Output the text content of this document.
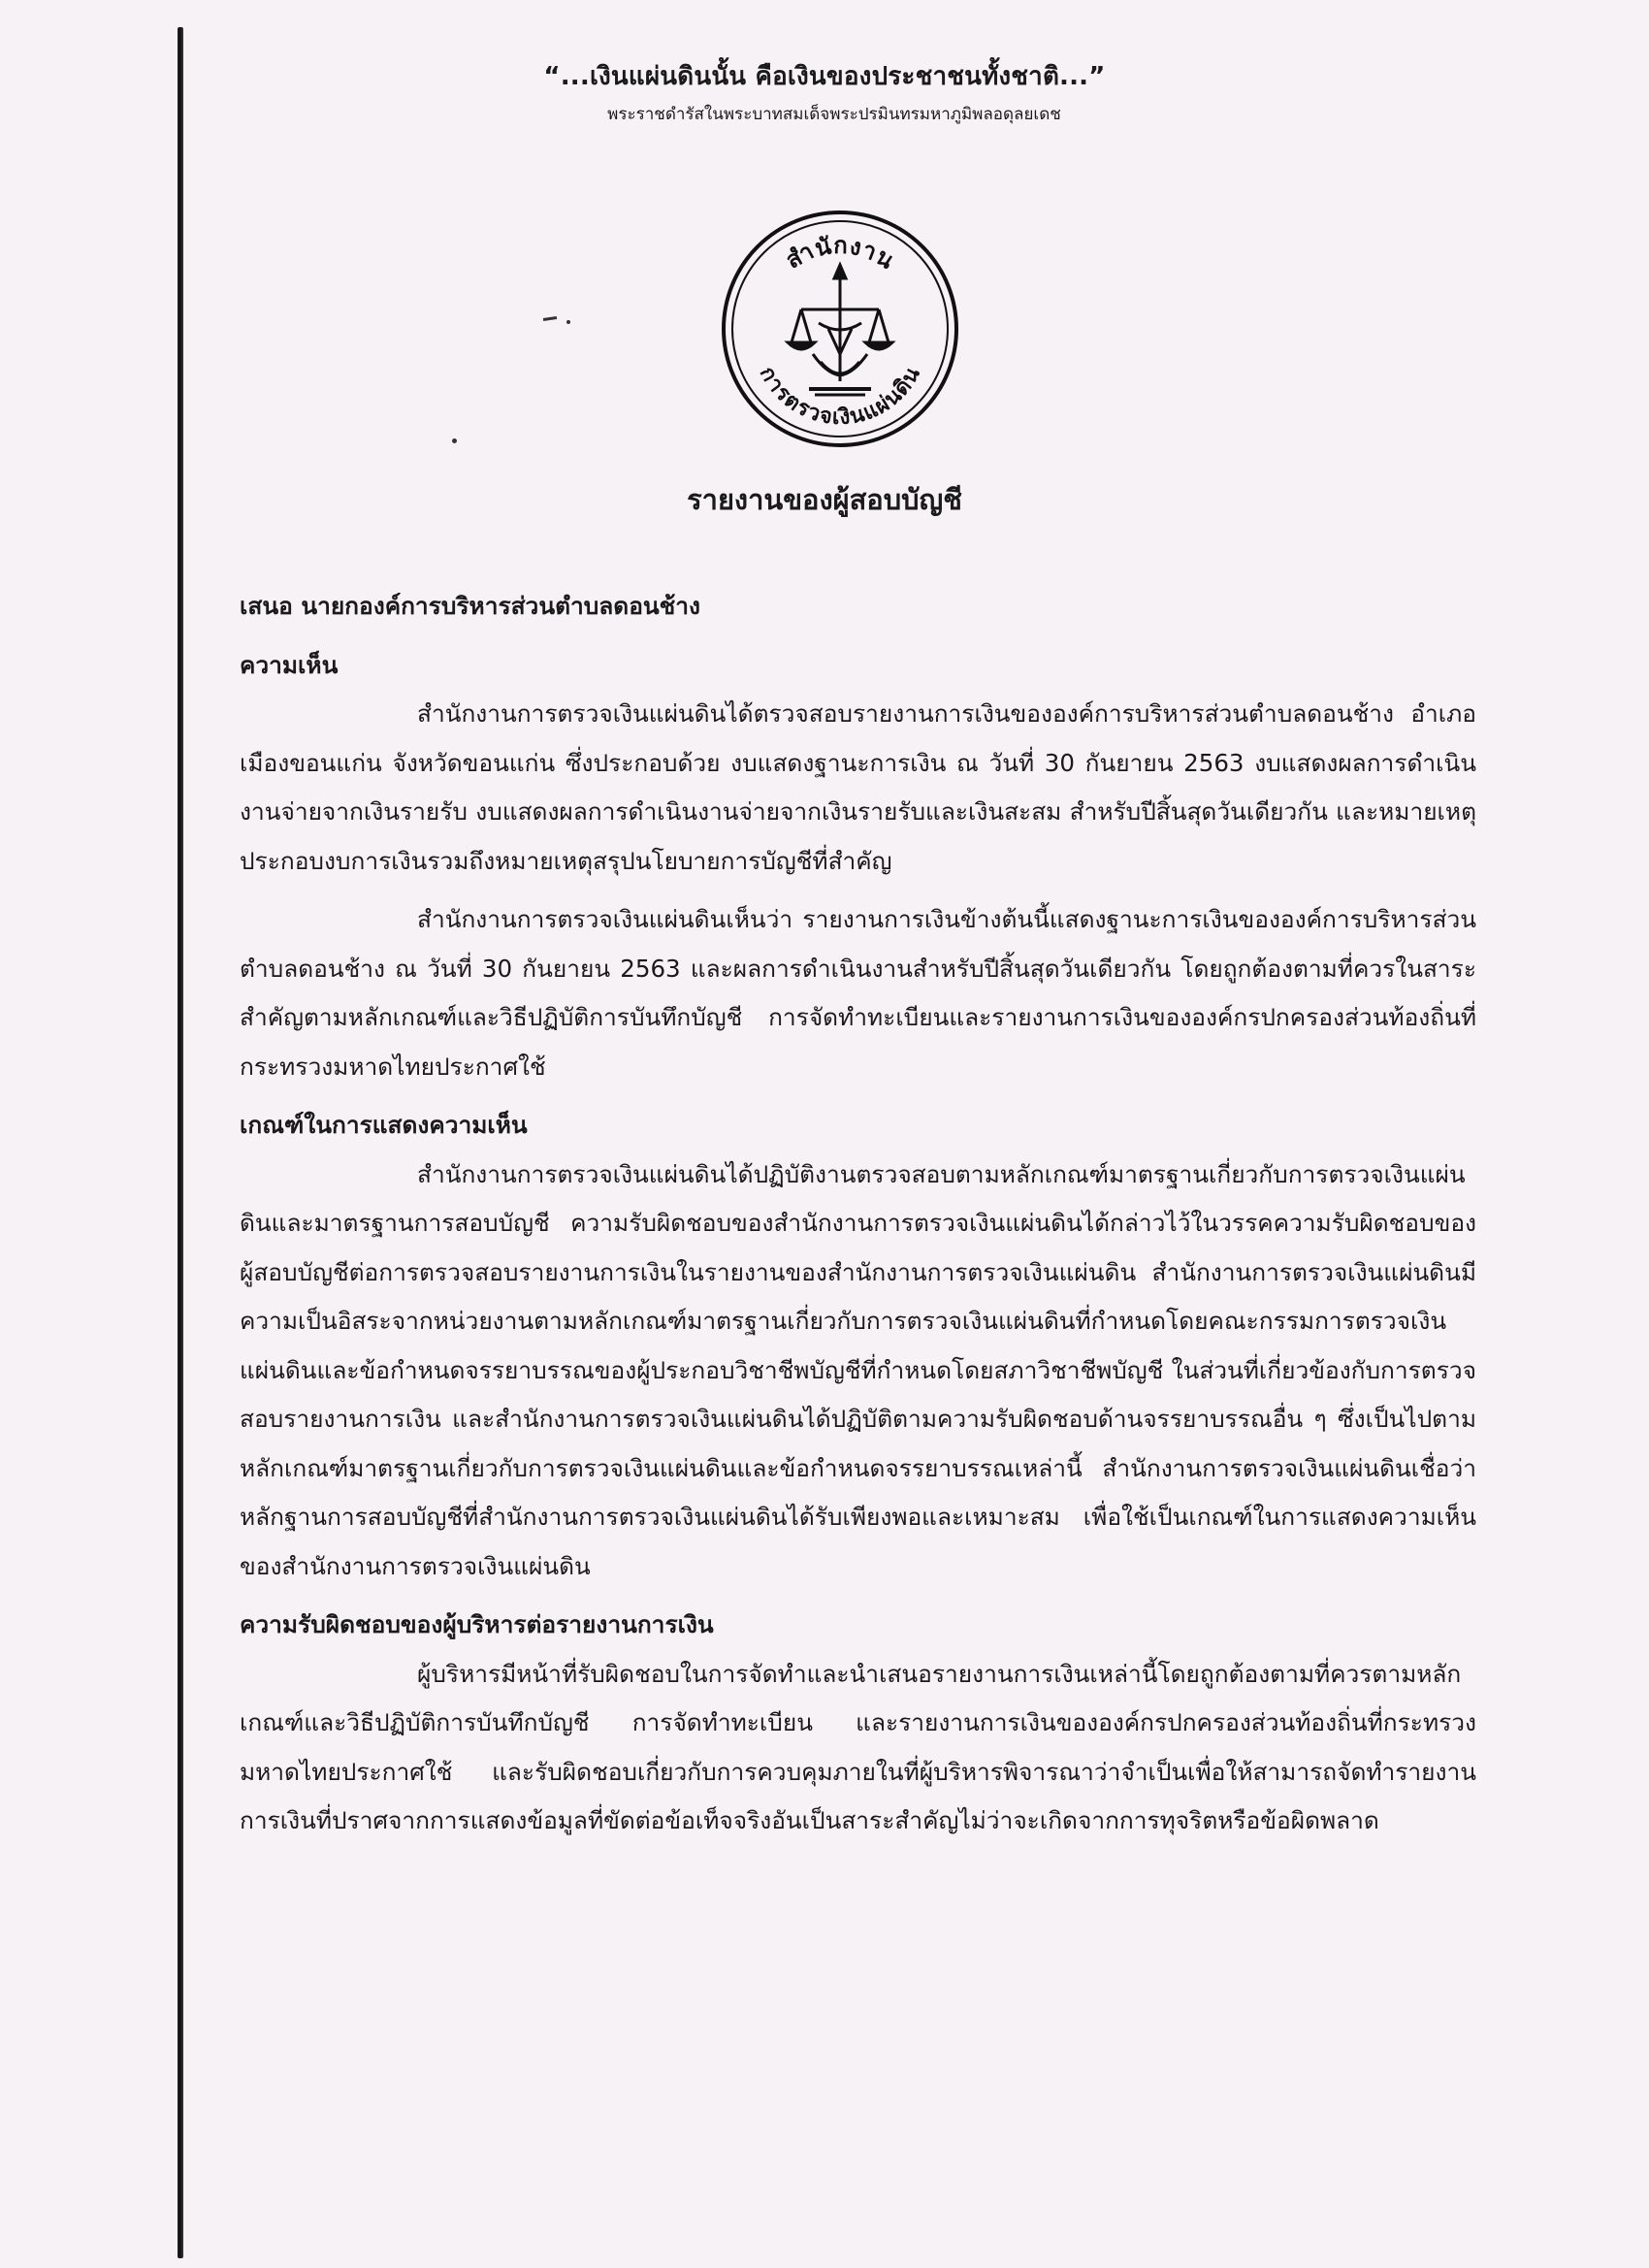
“...เงินแผ่นดินนั้น คือเงินของประชาชนทั้งชาติ...”
พระราชดำรัสในพระบาทสมเด็จพระปรมินทรมหาภูมิพลอดุลยเดช
สำนักงาน
การตรวจเงินแผ่นดิน
รายงานของผู้สอบบัญชี

เสนอ นายกองค์การบริหารส่วนตำบลดอนช้าง

ความเห็น

สำนักงานการตรวจเงินแผ่นดินได้ตรวจสอบรายงานการเงินขององค์การบริหารส่วนตำบลดอนช้าง อำเภอเมืองขอนแก่น จังหวัดขอนแก่น ซึ่งประกอบด้วย งบแสดงฐานะการเงิน ณ วันที่ 30 กันยายน 2563 งบแสดงผลการดำเนินงานจ่ายจากเงินรายรับ งบแสดงผลการดำเนินงานจ่ายจากเงินรายรับและเงินสะสม สำหรับปีสิ้นสุดวันเดียวกัน และหมายเหตุประกอบงบการเงินรวมถึงหมายเหตุสรุปนโยบายการบัญชีที่สำคัญ

สำนักงานการตรวจเงินแผ่นดินเห็นว่า รายงานการเงินข้างต้นนี้แสดงฐานะการเงินขององค์การบริหารส่วนตำบลดอนช้าง ณ วันที่ 30 กันยายน 2563 และผลการดำเนินงานสำหรับปีสิ้นสุดวันเดียวกัน โดยถูกต้องตามที่ควรในสาระสำคัญตามหลักเกณฑ์และวิธีปฏิบัติการบันทึกบัญชี การจัดทำทะเบียนและรายงานการเงินขององค์กรปกครองส่วนท้องถิ่นที่กระทรวงมหาดไทยประกาศใช้

เกณฑ์ในการแสดงความเห็น

สำนักงานการตรวจเงินแผ่นดินได้ปฏิบัติงานตรวจสอบตามหลักเกณฑ์มาตรฐานเกี่ยวกับการตรวจเงินแผ่นดินและมาตรฐานการสอบบัญชี ความรับผิดชอบของสำนักงานการตรวจเงินแผ่นดินได้กล่าวไว้ในวรรคความรับผิดชอบของผู้สอบบัญชีต่อการตรวจสอบรายงานการเงินในรายงานของสำนักงานการตรวจเงินแผ่นดิน สำนักงานการตรวจเงินแผ่นดินมีความเป็นอิสระจากหน่วยงานตามหลักเกณฑ์มาตรฐานเกี่ยวกับการตรวจเงินแผ่นดินที่กำหนดโดยคณะกรรมการตรวจเงินแผ่นดินและข้อกำหนดจรรยาบรรณของผู้ประกอบวิชาชีพบัญชีที่กำหนดโดยสภาวิชาชีพบัญชี ในส่วนที่เกี่ยวข้องกับการตรวจสอบรายงานการเงิน และสำนักงานการตรวจเงินแผ่นดินได้ปฏิบัติตามความรับผิดชอบด้านจรรยาบรรณอื่น ๆ ซึ่งเป็นไปตามหลักเกณฑ์มาตรฐานเกี่ยวกับการตรวจเงินแผ่นดินและข้อกำหนดจรรยาบรรณเหล่านี้ สำนักงานการตรวจเงินแผ่นดินเชื่อว่าหลักฐานการสอบบัญชีที่สำนักงานการตรวจเงินแผ่นดินได้รับเพียงพอและเหมาะสม เพื่อใช้เป็นเกณฑ์ในการแสดงความเห็นของสำนักงานการตรวจเงินแผ่นดิน

ความรับผิดชอบของผู้บริหารต่อรายงานการเงิน

ผู้บริหารมีหน้าที่รับผิดชอบในการจัดทำและนำเสนอรายงานการเงินเหล่านี้โดยถูกต้องตามที่ควรตามหลักเกณฑ์และวิธีปฏิบัติการบันทึกบัญชี การจัดทำทะเบียน และรายงานการเงินขององค์กรปกครองส่วนท้องถิ่นที่กระทรวงมหาดไทยประกาศใช้ และรับผิดชอบเกี่ยวกับการควบคุมภายในที่ผู้บริหารพิจารณาว่าจำเป็นเพื่อให้สามารถจัดทำรายงานการเงินที่ปราศจากการแสดงข้อมูลที่ขัดต่อข้อเท็จจริงอันเป็นสาระสำคัญไม่ว่าจะเกิดจากการทุจริตหรือข้อผิดพลาด
